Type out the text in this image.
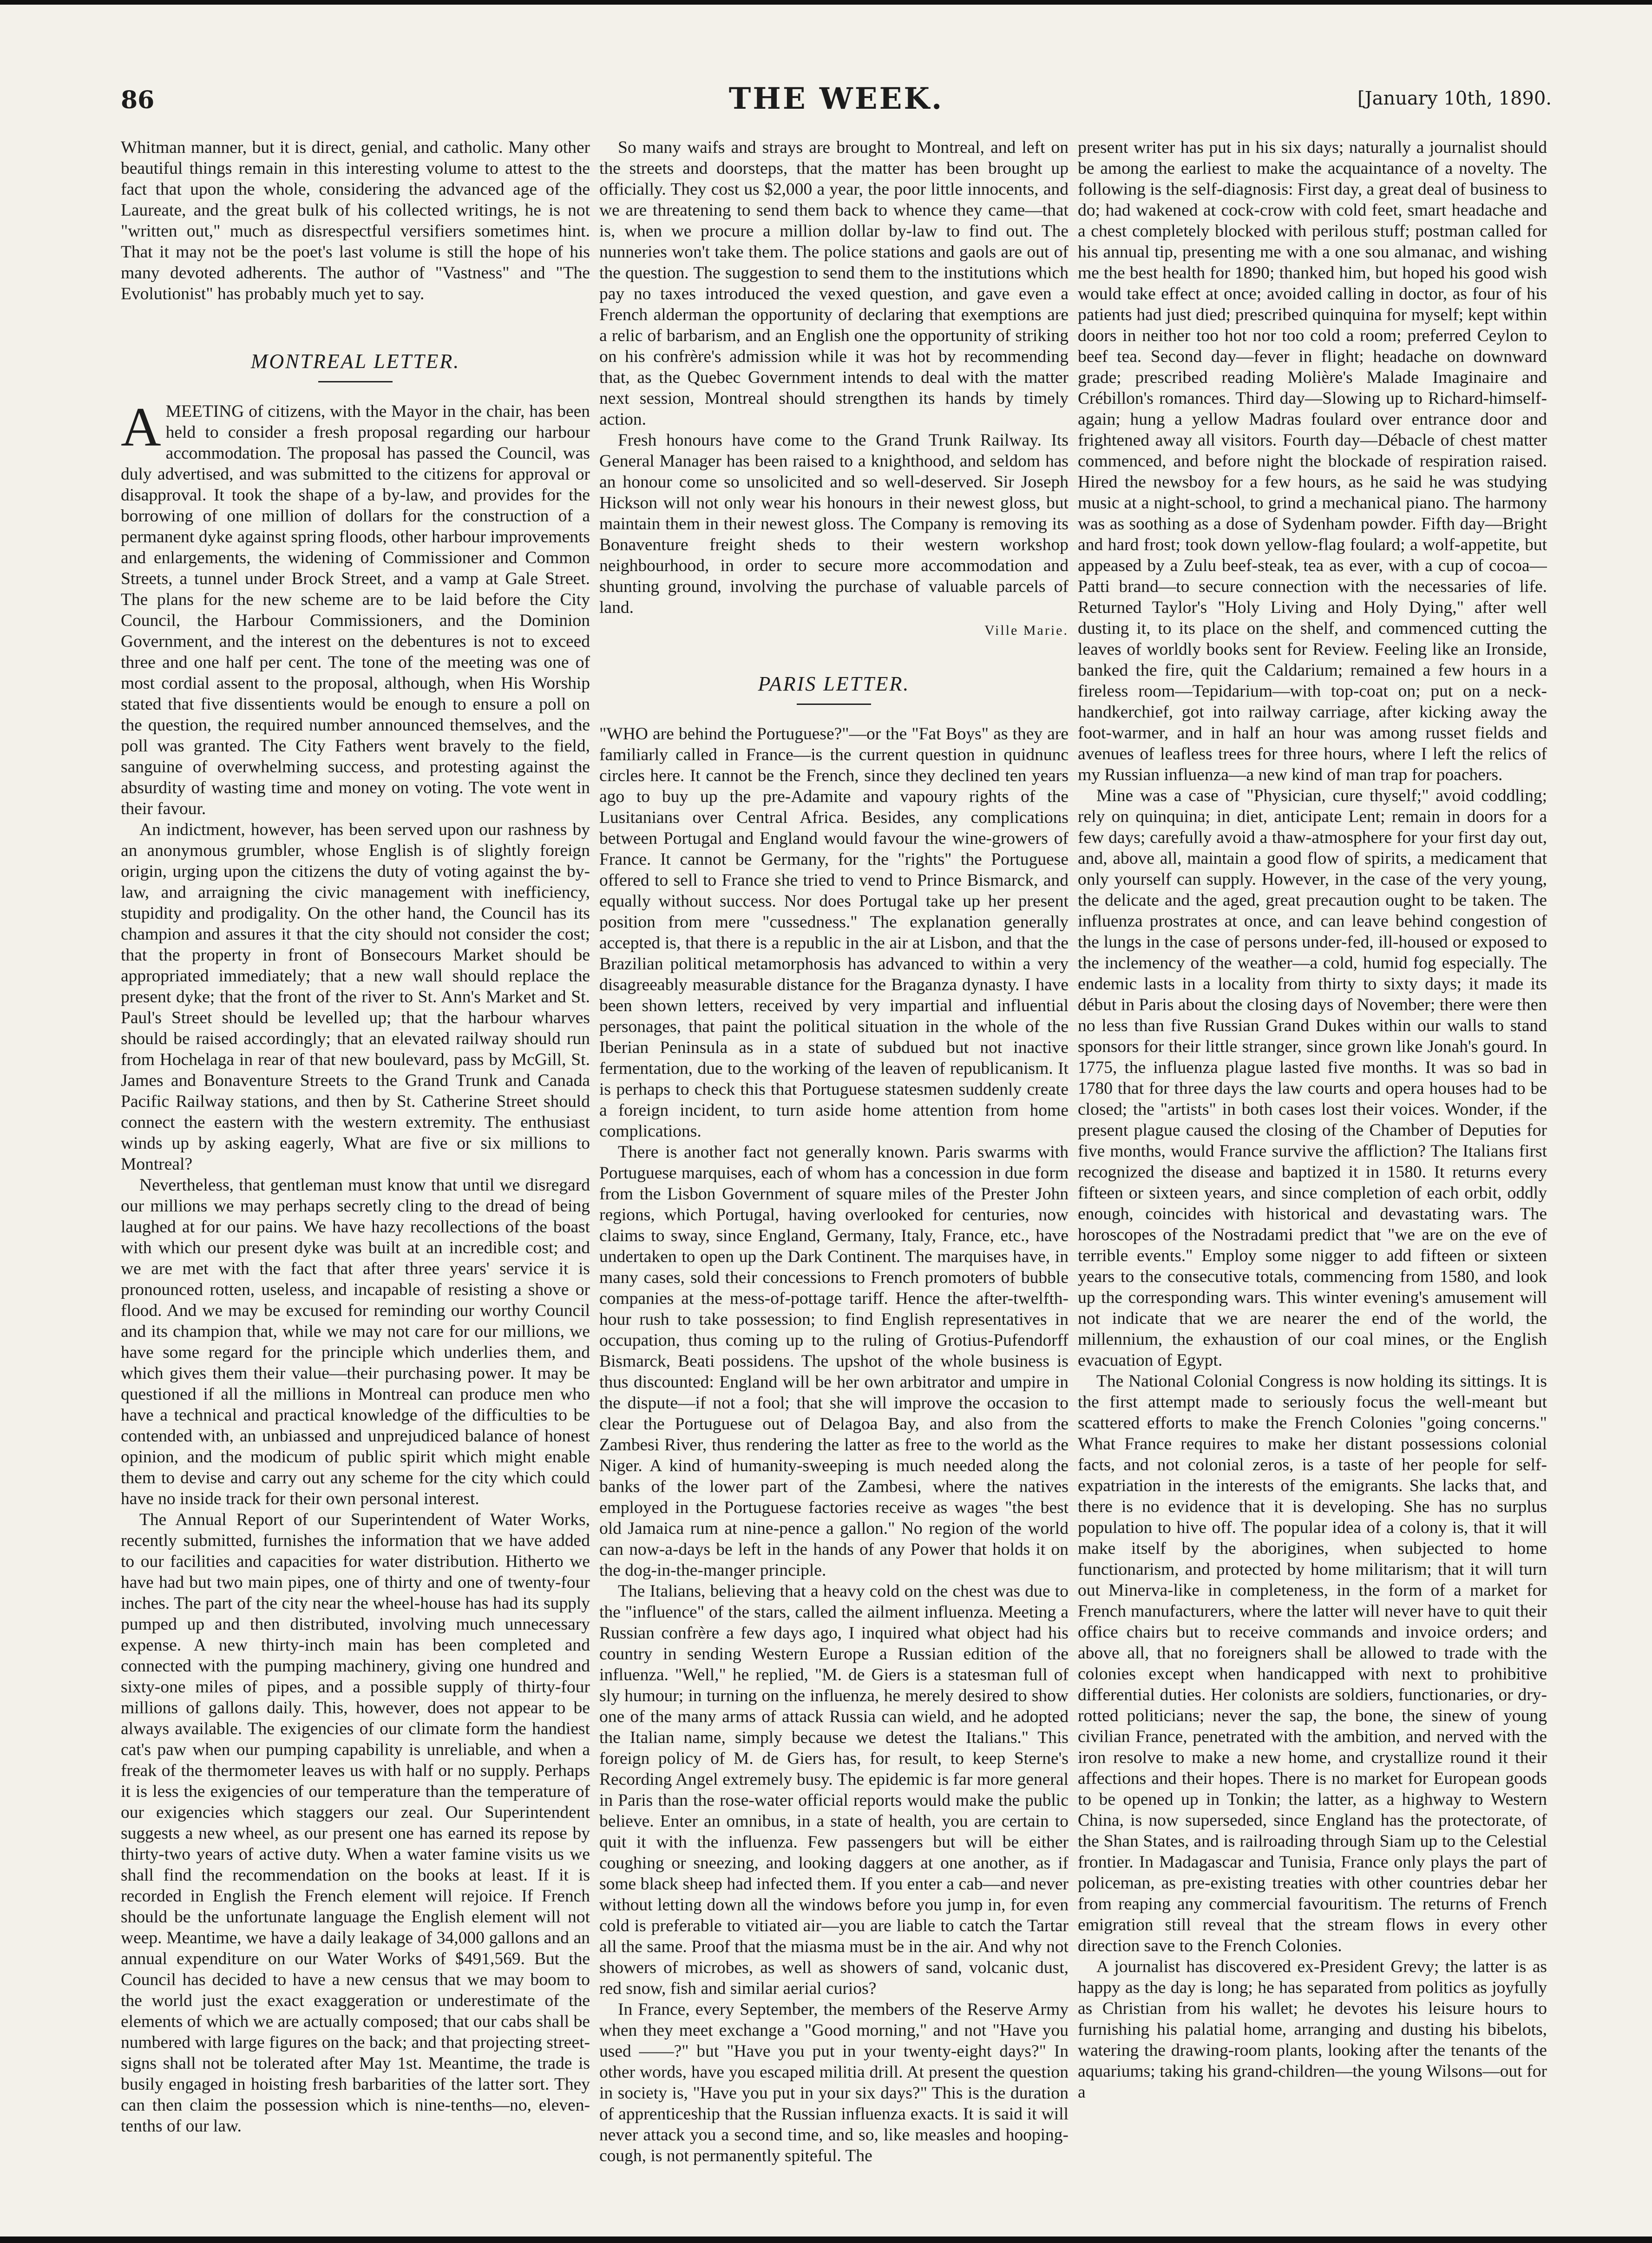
86	THE WEEK.	[January 10th, 1890.

Whitman manner, but it is direct, genial, and catholic. Many other beautiful things remain in this interesting volume to attest to the fact that upon the whole, considering the advanced age of the Laureate, and the great bulk of his collected writings, he is not "written out," much as disrespectful versifiers sometimes hint. That it may not be the poet's last volume is still the hope of his many devoted adherents. The author of "Vastness" and "The Evolutionist" has probably much yet to say.

MONTREAL LETTER.

A MEETING of citizens, with the Mayor in the chair, has been held to consider a fresh proposal regarding our harbour accommodation. The proposal has passed the Council, was duly advertised, and was submitted to the citizens for approval or disapproval. It took the shape of a by-law, and provides for the borrowing of one million of dollars for the construction of a permanent dyke against spring floods, other harbour improvements and enlargements, the widening of Commissioner and Common Streets, a tunnel under Brock Street, and a vamp at Gale Street. The plans for the new scheme are to be laid before the City Council, the Harbour Commissioners, and the Dominion Government, and the interest on the debentures is not to exceed three and one half per cent. The tone of the meeting was one of most cordial assent to the proposal, although, when His Worship stated that five dissentients would be enough to ensure a poll on the question, the required number announced themselves, and the poll was granted. The City Fathers went bravely to the field, sanguine of overwhelming success, and protesting against the absurdity of wasting time and money on voting. The vote went in their favour.

An indictment, however, has been served upon our rashness by an anonymous grumbler, whose English is of slightly foreign origin, urging upon the citizens the duty of voting against the by-law, and arraigning the civic management with inefficiency, stupidity and prodigality. On the other hand, the Council has its champion and assures it that the city should not consider the cost; that the property in front of Bonsecours Market should be appropriated immediately; that a new wall should replace the present dyke; that the front of the river to St. Ann's Market and St. Paul's Street should be levelled up; that the harbour wharves should be raised accordingly; that an elevated railway should run from Hochelaga in rear of that new boulevard, pass by McGill, St. James and Bonaventure Streets to the Grand Trunk and Canada Pacific Railway stations, and then by St. Catherine Street should connect the eastern with the western extremity. The enthusiast winds up by asking eagerly, What are five or six millions to Montreal?

Nevertheless, that gentleman must know that until we disregard our millions we may perhaps secretly cling to the dread of being laughed at for our pains. We have hazy recollections of the boast with which our present dyke was built at an incredible cost; and we are met with the fact that after three years' service it is pronounced rotten, useless, and incapable of resisting a shove or flood. And we may be excused for reminding our worthy Council and its champion that, while we may not care for our millions, we have some regard for the principle which underlies them, and which gives them their value—their purchasing power. It may be questioned if all the millions in Montreal can produce men who have a technical and practical knowledge of the difficulties to be contended with, an unbiassed and unprejudiced balance of honest opinion, and the modicum of public spirit which might enable them to devise and carry out any scheme for the city which could have no inside track for their own personal interest.

The Annual Report of our Superintendent of Water Works, recently submitted, furnishes the information that we have added to our facilities and capacities for water distribution. Hitherto we have had but two main pipes, one of thirty and one of twenty-four inches. The part of the city near the wheel-house has had its supply pumped up and then distributed, involving much unnecessary expense. A new thirty-inch main has been completed and connected with the pumping machinery, giving one hundred and sixty-one miles of pipes, and a possible supply of thirty-four millions of gallons daily. This, however, does not appear to be always available. The exigencies of our climate form the handiest cat's paw when our pumping capability is unreliable, and when a freak of the thermometer leaves us with half or no supply. Perhaps it is less the exigencies of our temperature than the temperature of our exigencies which staggers our zeal. Our Superintendent suggests a new wheel, as our present one has earned its repose by thirty-two years of active duty. When a water famine visits us we shall find the recommendation on the books at least. If it is recorded in English the French element will rejoice. If French should be the unfortunate language the English element will not weep. Meantime, we have a daily leakage of 34,000 gallons and an annual expenditure on our Water Works of $491,569. But the Council has decided to have a new census that we may boom to the world just the exact exaggeration or underestimate of the elements of which we are actually composed; that our cabs shall be numbered with large figures on the back; and that projecting street-signs shall not be tolerated after May 1st. Meantime, the trade is busily engaged in hoisting fresh barbarities of the latter sort. They can then claim the possession which is nine-tenths—no, eleven-tenths of our law.

So many waifs and strays are brought to Montreal, and left on the streets and doorsteps, that the matter has been brought up officially. They cost us $2,000 a year, the poor little innocents, and we are threatening to send them back to whence they came—that is, when we procure a million dollar by-law to find out. The nunneries won't take them. The police stations and gaols are out of the question. The suggestion to send them to the institutions which pay no taxes introduced the vexed question, and gave even a French alderman the opportunity of declaring that exemptions are a relic of barbarism, and an English one the opportunity of striking on his confrère's admission while it was hot by recommending that, as the Quebec Government intends to deal with the matter next session, Montreal should strengthen its hands by timely action.

Fresh honours have come to the Grand Trunk Railway. Its General Manager has been raised to a knighthood, and seldom has an honour come so unsolicited and so well-deserved. Sir Joseph Hickson will not only wear his honours in their newest gloss, but maintain them in their newest gloss. The Company is removing its Bonaventure freight sheds to their western workshop neighbourhood, in order to secure more accommodation and shunting ground, involving the purchase of valuable parcels of land.

Ville Marie.
PARIS LETTER.

"WHO are behind the Portuguese?"—or the "Fat Boys" as they are familiarly called in France—is the current question in quidnunc circles here. It cannot be the French, since they declined ten years ago to buy up the pre-Adamite and vapoury rights of the Lusitanians over Central Africa. Besides, any complications between Portugal and England would favour the wine-growers of France. It cannot be Germany, for the "rights" the Portuguese offered to sell to France she tried to vend to Prince Bismarck, and equally without success. Nor does Portugal take up her present position from mere "cussedness." The explanation generally accepted is, that there is a republic in the air at Lisbon, and that the Brazilian political metamorphosis has advanced to within a very disagreeably measurable distance for the Braganza dynasty. I have been shown letters, received by very impartial and influential personages, that paint the political situation in the whole of the Iberian Peninsula as in a state of subdued but not inactive fermentation, due to the working of the leaven of republicanism. It is perhaps to check this that Portuguese statesmen suddenly create a foreign incident, to turn aside home attention from home complications.

There is another fact not generally known. Paris swarms with Portuguese marquises, each of whom has a concession in due form from the Lisbon Government of square miles of the Prester John regions, which Portugal, having overlooked for centuries, now claims to sway, since England, Germany, Italy, France, etc., have undertaken to open up the Dark Continent. The marquises have, in many cases, sold their concessions to French promoters of bubble companies at the mess-of-pottage tariff. Hence the after-twelfth-hour rush to take possession; to find English representatives in occupation, thus coming up to the ruling of Grotius-Pufendorff Bismarck, Beati possidens. The upshot of the whole business is thus discounted: England will be her own arbitrator and umpire in the dispute—if not a fool; that she will improve the occasion to clear the Portuguese out of Delagoa Bay, and also from the Zambesi River, thus rendering the latter as free to the world as the Niger. A kind of humanity-sweeping is much needed along the banks of the lower part of the Zambesi, where the natives employed in the Portuguese factories receive as wages "the best old Jamaica rum at nine-pence a gallon." No region of the world can now-a-days be left in the hands of any Power that holds it on the dog-in-the-manger principle.

The Italians, believing that a heavy cold on the chest was due to the "influence" of the stars, called the ailment influenza. Meeting a Russian confrère a few days ago, I inquired what object had his country in sending Western Europe a Russian edition of the influenza. "Well," he replied, "M. de Giers is a statesman full of sly humour; in turning on the influenza, he merely desired to show one of the many arms of attack Russia can wield, and he adopted the Italian name, simply because we detest the Italians." This foreign policy of M. de Giers has, for result, to keep Sterne's Recording Angel extremely busy. The epidemic is far more general in Paris than the rose-water official reports would make the public believe. Enter an omnibus, in a state of health, you are certain to quit it with the influenza. Few passengers but will be either coughing or sneezing, and looking daggers at one another, as if some black sheep had infected them. If you enter a cab—and never without letting down all the windows before you jump in, for even cold is preferable to vitiated air—you are liable to catch the Tartar all the same. Proof that the miasma must be in the air. And why not showers of microbes, as well as showers of sand, volcanic dust, red snow, fish and similar aerial curios?

In France, every September, the members of the Reserve Army when they meet exchange a "Good morning," and not "Have you used ——?" but "Have you put in your twenty-eight days?" In other words, have you escaped militia drill. At present the question in society is, "Have you put in your six days?" This is the duration of apprenticeship that the Russian influenza exacts. It is said it will never attack you a second time, and so, like measles and hooping-cough, is not permanently spiteful. The

present writer has put in his six days; naturally a journalist should be among the earliest to make the acquaintance of a novelty. The following is the self-diagnosis: First day, a great deal of business to do; had wakened at cock-crow with cold feet, smart headache and a chest completely blocked with perilous stuff; postman called for his annual tip, presenting me with a one sou almanac, and wishing me the best health for 1890; thanked him, but hoped his good wish would take effect at once; avoided calling in doctor, as four of his patients had just died; prescribed quinquina for myself; kept within doors in neither too hot nor too cold a room; preferred Ceylon to beef tea. Second day—fever in flight; headache on downward grade; prescribed reading Molière's Malade Imaginaire and Crébillon's romances. Third day—Slowing up to Richard-himself-again; hung a yellow Madras foulard over entrance door and frightened away all visitors. Fourth day—Débacle of chest matter commenced, and before night the blockade of respiration raised. Hired the newsboy for a few hours, as he said he was studying music at a night-school, to grind a mechanical piano. The harmony was as soothing as a dose of Sydenham powder. Fifth day—Bright and hard frost; took down yellow-flag foulard; a wolf-appetite, but appeased by a Zulu beef-steak, tea as ever, with a cup of cocoa—Patti brand—to secure connection with the necessaries of life. Returned Taylor's "Holy Living and Holy Dying," after well dusting it, to its place on the shelf, and commenced cutting the leaves of worldly books sent for Review. Feeling like an Ironside, banked the fire, quit the Caldarium; remained a few hours in a fireless room—Tepidarium—with top-coat on; put on a neck-handkerchief, got into railway carriage, after kicking away the foot-warmer, and in half an hour was among russet fields and avenues of leafless trees for three hours, where I left the relics of my Russian influenza—a new kind of man trap for poachers.

Mine was a case of "Physician, cure thyself;" avoid coddling; rely on quinquina; in diet, anticipate Lent; remain in doors for a few days; carefully avoid a thaw-atmosphere for your first day out, and, above all, maintain a good flow of spirits, a medicament that only yourself can supply. However, in the case of the very young, the delicate and the aged, great precaution ought to be taken. The influenza prostrates at once, and can leave behind congestion of the lungs in the case of persons under-fed, ill-housed or exposed to the inclemency of the weather—a cold, humid fog especially. The endemic lasts in a locality from thirty to sixty days; it made its début in Paris about the closing days of November; there were then no less than five Russian Grand Dukes within our walls to stand sponsors for their little stranger, since grown like Jonah's gourd. In 1775, the influenza plague lasted five months. It was so bad in 1780 that for three days the law courts and opera houses had to be closed; the "artists" in both cases lost their voices. Wonder, if the present plague caused the closing of the Chamber of Deputies for five months, would France survive the affliction? The Italians first recognized the disease and baptized it in 1580. It returns every fifteen or sixteen years, and since completion of each orbit, oddly enough, coincides with historical and devastating wars. The horoscopes of the Nostradami predict that "we are on the eve of terrible events." Employ some nigger to add fifteen or sixteen years to the consecutive totals, commencing from 1580, and look up the corresponding wars. This winter evening's amusement will not indicate that we are nearer the end of the world, the millennium, the exhaustion of our coal mines, or the English evacuation of Egypt.

The National Colonial Congress is now holding its sittings. It is the first attempt made to seriously focus the well-meant but scattered efforts to make the French Colonies "going concerns." What France requires to make her distant possessions colonial facts, and not colonial zeros, is a taste of her people for self-expatriation in the interests of the emigrants. She lacks that, and there is no evidence that it is developing. She has no surplus population to hive off. The popular idea of a colony is, that it will make itself by the aborigines, when subjected to home functionarism, and protected by home militarism; that it will turn out Minerva-like in completeness, in the form of a market for French manufacturers, where the latter will never have to quit their office chairs but to receive commands and invoice orders; and above all, that no foreigners shall be allowed to trade with the colonies except when handicapped with next to prohibitive differential duties. Her colonists are soldiers, functionaries, or dry-rotted politicians; never the sap, the bone, the sinew of young civilian France, penetrated with the ambition, and nerved with the iron resolve to make a new home, and crystallize round it their affections and their hopes. There is no market for European goods to be opened up in Tonkin; the latter, as a highway to Western China, is now superseded, since England has the protectorate, of the Shan States, and is railroading through Siam up to the Celestial frontier. In Madagascar and Tunisia, France only plays the part of policeman, as pre-existing treaties with other countries debar her from reaping any commercial favouritism. The returns of French emigration still reveal that the stream flows in every other direction save to the French Colonies.

A journalist has discovered ex-President Grevy; the latter is as happy as the day is long; he has separated from politics as joyfully as Christian from his wallet; he devotes his leisure hours to furnishing his palatial home, arranging and dusting his bibelots, watering the drawing-room plants, looking after the tenants of the aquariums; taking his grand-children—the young Wilsons—out for a
